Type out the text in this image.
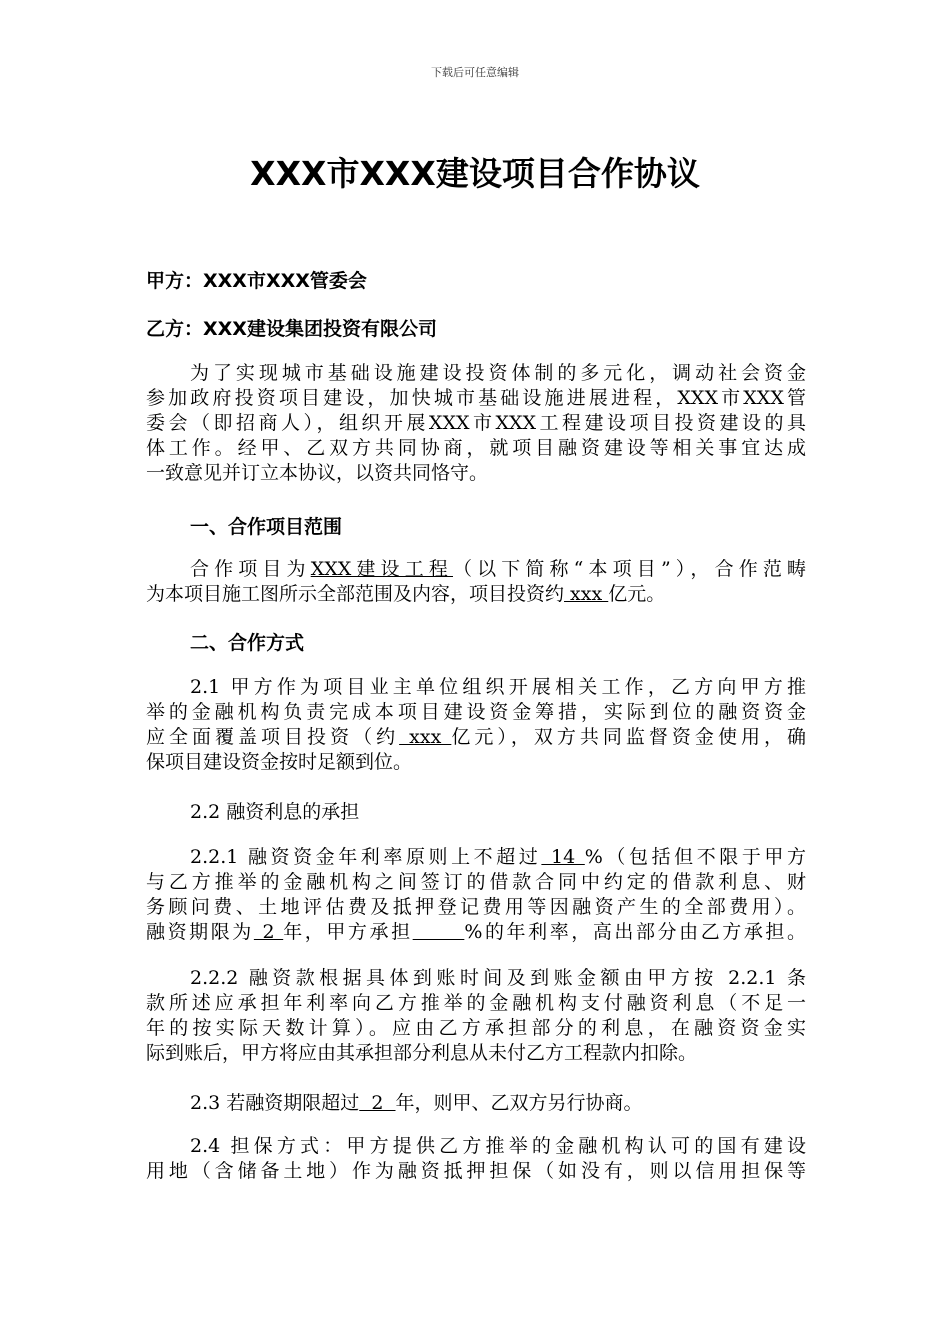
下载后可任意编辑
XXX市XXX建设项目合作协议
甲方：XXX市XXX管委会
乙方：XXX建设集团投资有限公司
为了实现城市基础设施建设投资体制的多元化，调动社会资金
参加政府投资项目建设，加快城市基础设施进展进程，XXX市XXX管
委会（即招商人），组织开展XXX市XXX工程建设项目投资建设的具
体工作。经甲、乙双方共同协商，就项目融资建设等相关事宜达成
一致意见并订立本协议，以资共同恪守。
一、合作项目范围
合作项目为XXX建设工程（以下简称“本项目”），合作范畴
为本项目施工图所示全部范围及内容，项目投资约 xxx 亿元。
二、合作方式
2.1 甲方作为项目业主单位组织开展相关工作，乙方向甲方推
举的金融机构负责完成本项目建设资金筹措，实际到位的融资资金
应全面覆盖项目投资（约 xxx 亿元），双方共同监督资金使用，确
保项目建设资金按时足额到位。
2.2 融资利息的承担
2.2.1 融资资金年利率原则上不超过 14 %（包括但不限于甲方
与乙方推举的金融机构之间签订的借款合同中约定的借款利息、财
务顾问费、土地评估费及抵押登记费用等因融资产生的全部费用）。
融资期限为 2 年，甲方承担	%的年利率，高出部分由乙方承担。
2.2.2 融资款根据具体到账时间及到账金额由甲方按 2.2.1 条
款所述应承担年利率向乙方推举的金融机构支付融资利息（不足一
年的按实际天数计算）。应由乙方承担部分的利息，在融资资金实
际到账后，甲方将应由其承担部分利息从未付乙方工程款内扣除。
2.3 若融资期限超过  2  年，则甲、乙双方另行协商。
2.4 担保方式：甲方提供乙方推举的金融机构认可的国有建设
用地（含储备土地）作为融资抵押担保（如没有，则以信用担保等
